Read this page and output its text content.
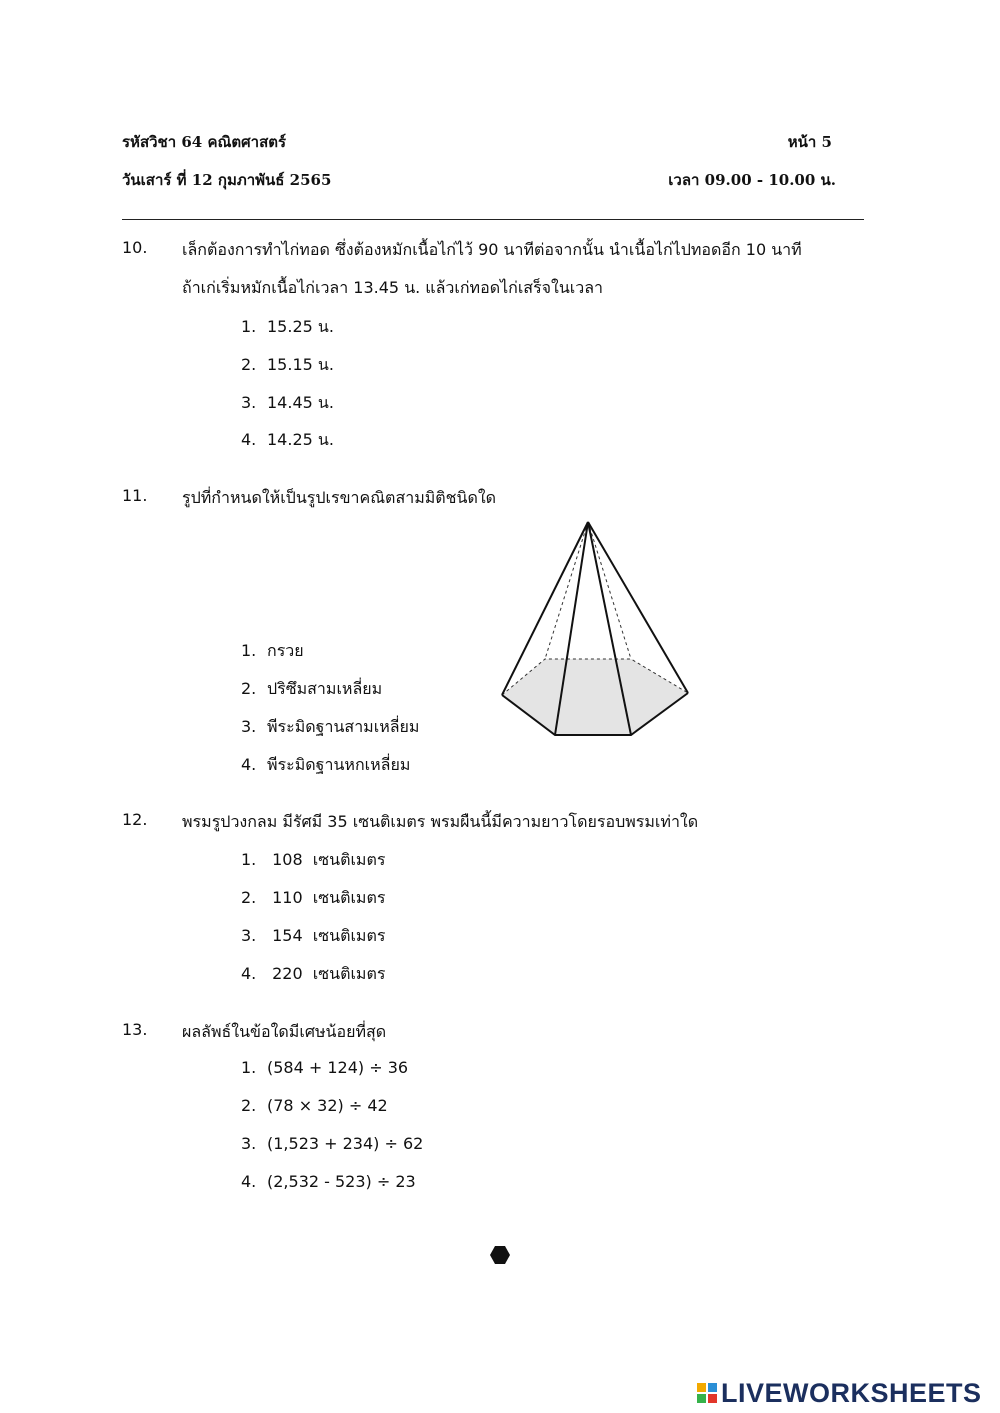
รหัสวิชา 64 คณิตศาสตร์	หน้า 5
วันเสาร์ ที่ 12 กุมภาพันธ์ 2565	เวลา 09.00 - 10.00 น.
10.	เล็กต้องการทำไก่ทอด ซึ่งต้องหมักเนื้อไก่ไว้ 90 นาทีต่อจากนั้น นำเนื้อไก่ไปทอดอีก 10 นาที
ถ้าเก่เริ่มหมักเนื้อไก่เวลา 13.45 น. แล้วเก่ทอดไก่เสร็จในเวลา
1. 15.25 น.
2. 15.15 น.
3. 14.45 น.
4. 14.25 น.
11.	รูปที่กำหนดให้เป็นรูปเรขาคณิตสามมิติชนิดใด
1. กรวย
2. ปริซึมสามเหลี่ยม
3. พีระมิดฐานสามเหลี่ยม
4. พีระมิดฐานหกเหลี่ยม
12.	พรมรูปวงกลม มีรัศมี 35 เซนติเมตร พรมผืนนี้มีความยาวโดยรอบพรมเท่าใด
1. 108  เซนติเมตร
2. 110  เซนติเมตร
3. 154  เซนติเมตร
4. 220  เซนติเมตร
13.	ผลลัพธ์ในข้อใดมีเศษน้อยที่สุด
1. (584 + 124) ÷ 36
2. (78 × 32) ÷ 42
3. (1,523 + 234) ÷ 62
4. (2,532 - 523) ÷ 23
LIVEWORKSHEETS
